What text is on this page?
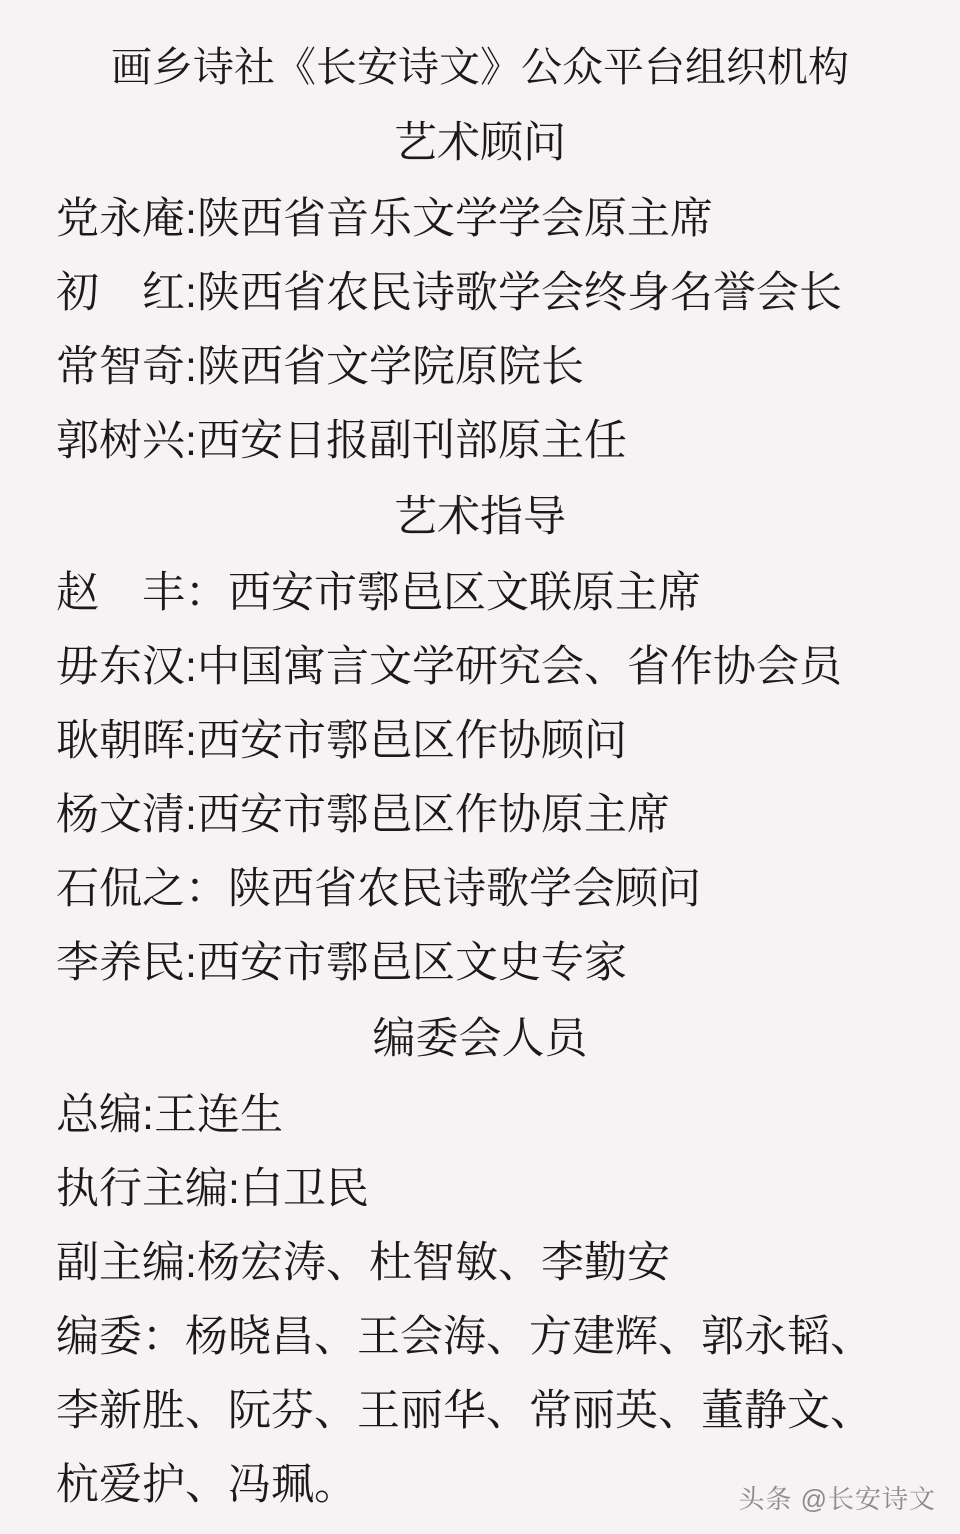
画乡诗社《长安诗文》公众平台组织机构
艺术顾问
党永庵:陕西省音乐文学学会原主席
初　红:陕西省农民诗歌学会终身名誉会长
常智奇:陕西省文学院原院长
郭树兴:西安日报副刊部原主任
艺术指导
赵　丰：西安市鄠邑区文联原主席
毋东汉:中国寓言文学研究会、省作协会员
耿朝晖:西安市鄠邑区作协顾问
杨文清:西安市鄠邑区作协原主席
石侃之：陕西省农民诗歌学会顾问
李养民:西安市鄠邑区文史专家
编委会人员
总编:王连生
执行主编:白卫民
副主编:杨宏涛、杜智敏、李勤安
编委：杨晓昌、王会海、方建辉、郭永韬、
李新胜、阮芬、王丽华、常丽英、董静文、
杭爱护、冯珮。	头条 @长安诗文
